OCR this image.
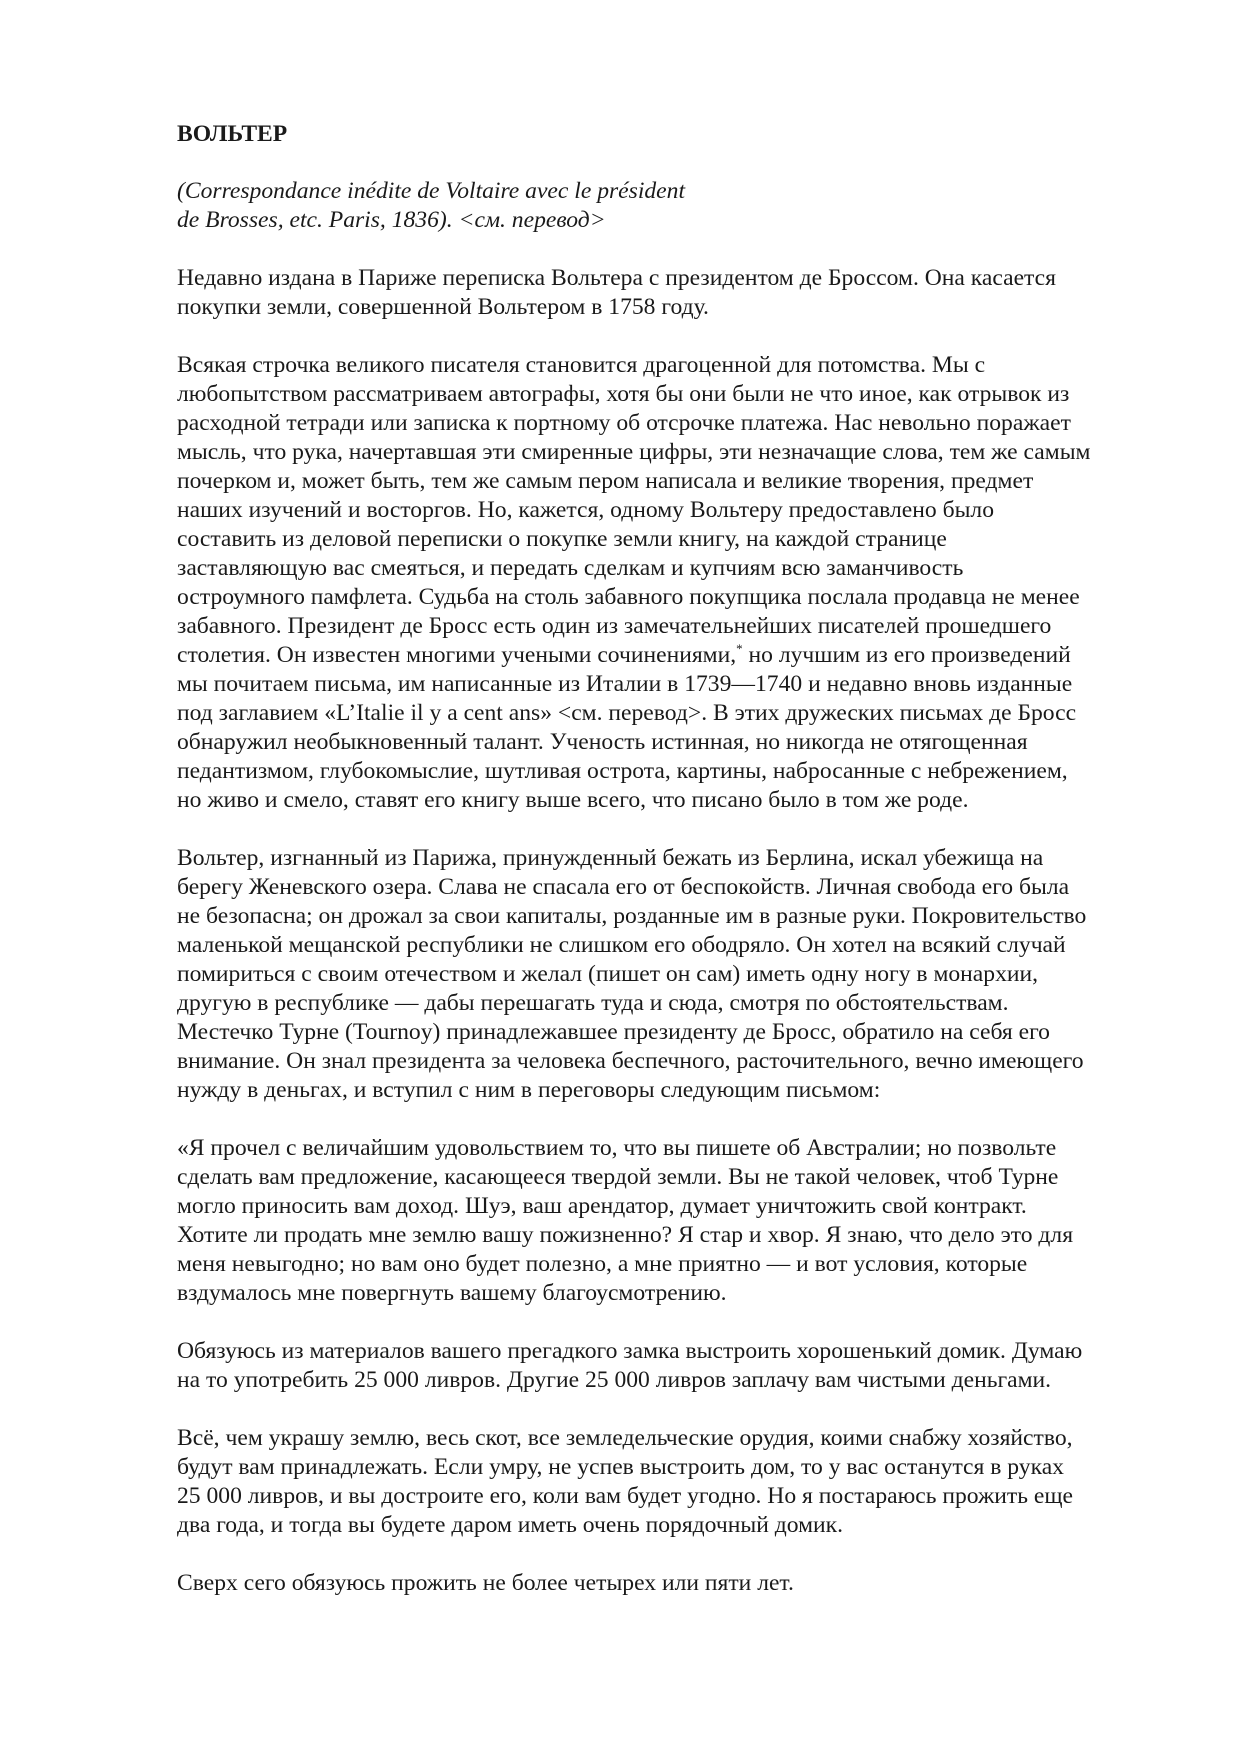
ВОЛЬТЕР
(Correspondance inédite de Voltaire avec le président
de Brosses, etc. Paris, 1836). <см. перевод>

Недавно издана в Париже переписка Вольтера с президентом де Броссом. Она касается
покупки земли, совершенной Вольтером в 1758 году.

Всякая строчка великого писателя становится драгоценной для потомства. Мы с
любопытством рассматриваем автографы, хотя бы они были не что иное, как отрывок из
расходной тетради или записка к портному об отсрочке платежа. Нас невольно поражает
мысль, что рука, начертавшая эти смиренные цифры, эти незначащие слова, тем же самым
почерком и, может быть, тем же самым пером написала и великие творения, предмет
наших изучений и восторгов. Но, кажется, одному Вольтеру предоставлено было
составить из деловой переписки о покупке земли книгу, на каждой странице
заставляющую вас смеяться, и передать сделкам и купчиям всю заманчивость
остроумного памфлета. Судьба на столь забавного покупщика послала продавца не менее
забавного. Президент де Бросс есть один из замечательнейших писателей прошедшего
столетия. Он известен многими учеными сочинениями,* но лучшим из его произведений
мы почитаем письма, им написанные из Италии в 1739—1740 и недавно вновь изданные
под заглавием «L’Italie il y a cent ans» <см. перевод>. В этих дружеских письмах де Бросс
обнаружил необыкновенный талант. Ученость истинная, но никогда не отягощенная
педантизмом, глубокомыслие, шутливая острота, картины, набросанные с небрежением,
но живо и смело, ставят его книгу выше всего, что писано было в том же роде.

Вольтер, изгнанный из Парижа, принужденный бежать из Берлина, искал убежища на
берегу Женевского озера. Слава не спасала его от беспокойств. Личная свобода его была
не безопасна; он дрожал за свои капиталы, розданные им в разные руки. Покровительство
маленькой мещанской республики не слишком его ободряло. Он хотел на всякий случай
помириться с своим отечеством и желал (пишет он сам) иметь одну ногу в монархии,
другую в республике — дабы перешагать туда и сюда, смотря по обстоятельствам.
Местечко Турне (Tournoy) принадлежавшее президенту де Бросс, обратило на себя его
внимание. Он знал президента за человека беспечного, расточительного, вечно имеющего
нужду в деньгах, и вступил с ним в переговоры следующим письмом:

«Я прочел с величайшим удовольствием то, что вы пишете об Австралии; но позвольте
сделать вам предложение, касающееся твердой земли. Вы не такой человек, чтоб Турне
могло приносить вам доход. Шуэ, ваш арендатор, думает уничтожить свой контракт.
Хотите ли продать мне землю вашу пожизненно? Я стар и хвор. Я знаю, что дело это для
меня невыгодно; но вам оно будет полезно, а мне приятно — и вот условия, которые
вздумалось мне повергнуть вашему благоусмотрению.

Обязуюсь из материалов вашего прегадкого замка выстроить хорошенький домик. Думаю
на то употребить 25 000 ливров. Другие 25 000 ливров заплачу вам чистыми деньгами.

Всё, чем украшу землю, весь скот, все земледельческие орудия, коими снабжу хозяйство,
будут вам принадлежать. Если умру, не успев выстроить дом, то у вас останутся в руках
25 000 ливров, и вы достроите его, коли вам будет угодно. Но я постараюсь прожить еще
два года, и тогда вы будете даром иметь очень порядочный домик.

Сверх сего обязуюсь прожить не более четырех или пяти лет.
